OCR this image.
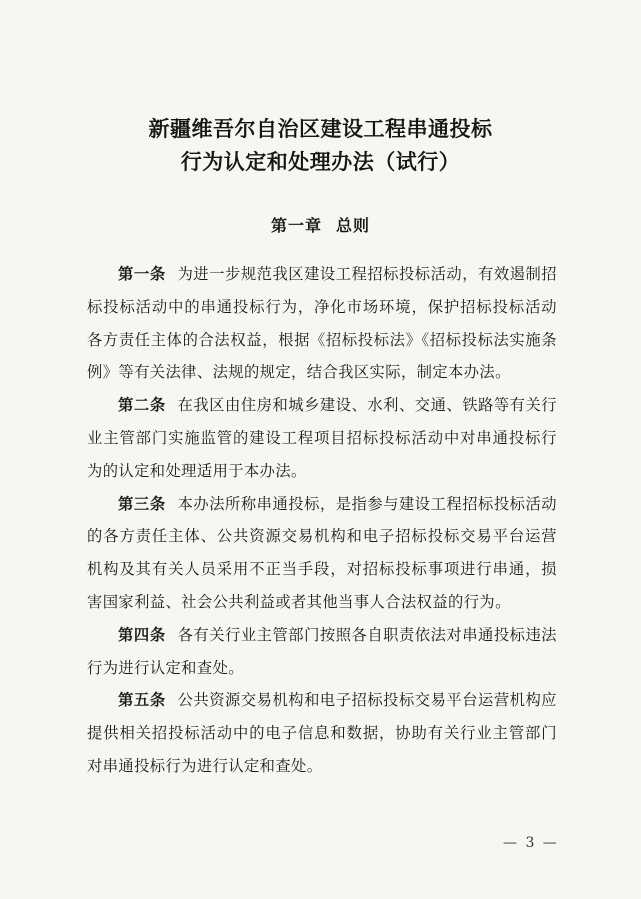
新疆维吾尔自治区建设工程串通投标
行为认定和处理办法（试行）
第一章 总则

第一条 为进一步规范我区建设工程招标投标活动，有效遏制招标投标活动中的串通投标行为，净化市场环境，保护招标投标活动各方责任主体的合法权益，根据《招标投标法》《招标投标法实施条例》等有关法律、法规的规定，结合我区实际，制定本办法。

第二条 在我区由住房和城乡建设、水利、交通、铁路等有关行业主管部门实施监管的建设工程项目招标投标活动中对串通投标行为的认定和处理适用于本办法。

第三条 本办法所称串通投标，是指参与建设工程招标投标活动的各方责任主体、公共资源交易机构和电子招标投标交易平台运营机构及其有关人员采用不正当手段，对招标投标事项进行串通，损害国家利益、社会公共利益或者其他当事人合法权益的行为。

第四条 各有关行业主管部门按照各自职责依法对串通投标违法行为进行认定和查处。

第五条 公共资源交易机构和电子招标投标交易平台运营机构应提供相关招投标活动中的电子信息和数据，协助有关行业主管部门对串通投标行为进行认定和查处。

— 3 —
